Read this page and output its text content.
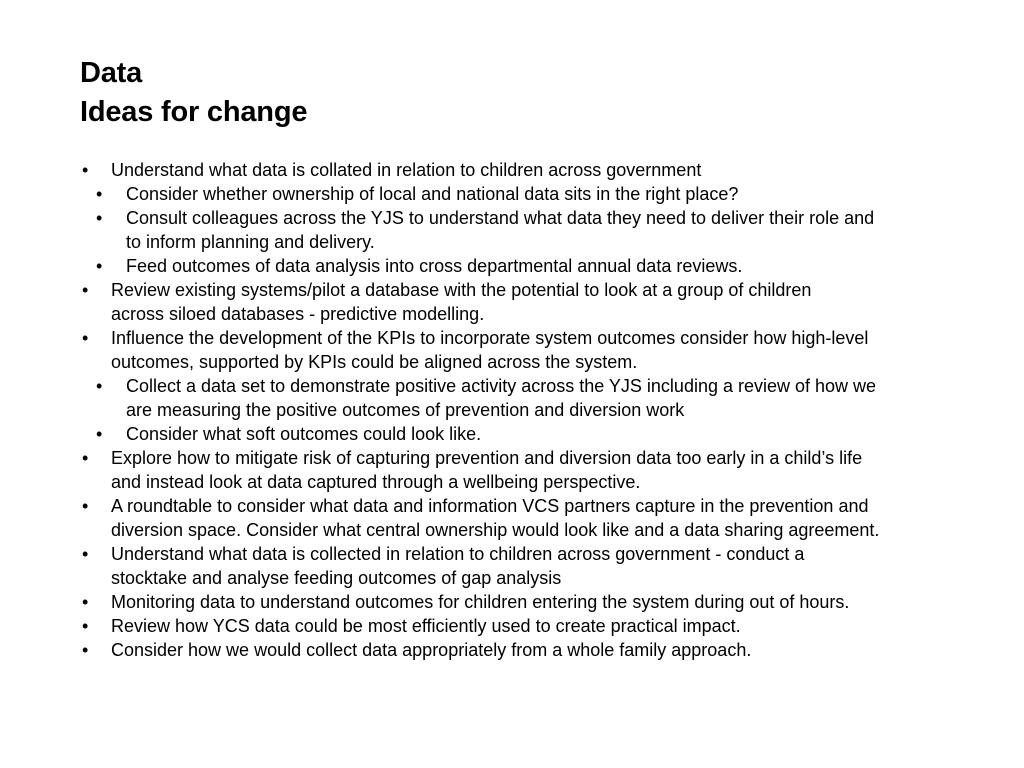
Data
Ideas for change
• Understand what data is collated in relation to children across government
• Consider whether ownership of local and national data sits in the right place?
• Consult colleagues across the YJS to understand what data they need to deliver their role and
to inform planning and delivery.
• Feed outcomes of data analysis into cross departmental annual data reviews.
• Review existing systems/pilot a database with the potential to look at a group of children
across siloed databases - predictive modelling.
• Influence the development of the KPIs to incorporate system outcomes consider how high-level
outcomes, supported by KPIs could be aligned across the system.
• Collect a data set to demonstrate positive activity across the YJS including a review of how we
are measuring the positive outcomes of prevention and diversion work
• Consider what soft outcomes could look like.
• Explore how to mitigate risk of capturing prevention and diversion data too early in a child’s life
and instead look at data captured through a wellbeing perspective.
• A roundtable to consider what data and information VCS partners capture in the prevention and
diversion space. Consider what central ownership would look like and a data sharing agreement.
• Understand what data is collected in relation to children across government - conduct a
stocktake and analyse feeding outcomes of gap analysis
• Monitoring data to understand outcomes for children entering the system during out of hours.
• Review how YCS data could be most efficiently used to create practical impact.
• Consider how we would collect data appropriately from a whole family approach.
